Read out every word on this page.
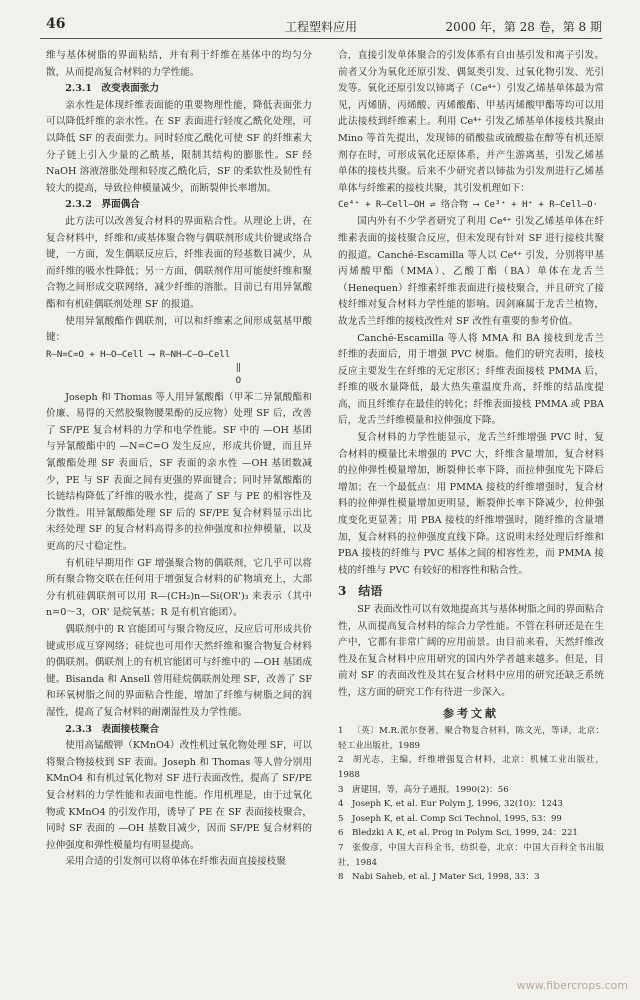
46	工程塑料应用	2000 年，第 28 卷，第 8 期

维与基体树脂的界面粘结，并有利于纤维在基体中的均匀分散，从而提高复合材料的力学性能。

2.3.1　改变表面张力

亲水性是体现纤维表面能的重要物理性能，降低表面张力可以降低纤维的亲水性。在 SF 表面进行轻度乙酰化处理，可以降低 SF 的表面张力。同时轻度乙酰化可使 SF 的纤维素大分子链上引入少量的乙酰基，限制其结构的膨胀性。SF 经 NaOH 溶液溶胀处理和轻度乙酰化后，SF 的柔软性及韧性有较大的提高，导致拉伸模量减少，而断裂伸长率增加。

2.3.2　界面偶合

此方法可以改善复合材料的界面粘合性。从理论上讲，在复合材料中，纤维和/或基体聚合物与偶联剂形成共价键或络合键，一方面，发生偶联反应后，纤维表面的羟基数目减少，从而纤维的吸水性降低；另一方面，偶联剂作用可能使纤维和聚合物之间形成交联网络，减少纤维的溶胀。目前已有用异氰酸酯和有机硅偶联剂处理 SF 的报道。

使用异氰酸酯作偶联剂，可以和纤维素之间形成氨基甲酸键：

R—N=C=O + H—O—Cell ⟶ R—NH—C—O—Cell
‖
O

Joseph 和 Thomas 等人用异氰酸酯（甲苯二异氰酸酯和价廉、易得的天然胶聚物腰果酚的反应物）处理 SF 后，改善了 SF/PE 复合材料的力学和电学性能。SF 中的 —OH 基团与异氰酸酯中的 —N=C=O 发生反应，形成共价键，而且异氰酸酯处理 SF 表面后，SF 表面的亲水性 —OH 基团数减少，PE 与 SF 表面之间有更强的界面键合；同时异氰酸酯的长链结构降低了纤维的吸水性，提高了 SF 与 PE 的相容性及分散性。用异氰酸酯处理 SF 后的 SF/PE 复合材料显示出比未经处理 SF 的复合材料高得多的拉伸强度和拉伸模量，以及更高的尺寸稳定性。

有机硅早期用作 GF 增强聚合物的偶联剂，它几乎可以将所有聚合物交联在任何用于增强复合材料的矿物填充上，大部分有机硅偶联剂可以用 R—(CH₂)n—Si(OR')₃ 来表示（其中 n=0～3，OR' 是烷氧基；R 是有机官能团）。

偶联剂中的 R 官能团可与聚合物反应，反应后可形成共价键或形成互穿网络；硅烷也可用作天然纤维和聚合物复合材料的偶联剂。偶联剂上的有机官能团可与纤维中的 —OH 基团成键。Bisanda 和 Ansell 曾用硅烷偶联剂处理 SF，改善了 SF 和环氧树脂之间的界面粘合性能，增加了纤维与树脂之间的润湿性，提高了复合材料的耐潮湿性及力学性能。

2.3.3　表面接枝聚合

使用高锰酸钾（KMnO4）改性机过氧化物处理 SF，可以将聚合物接枝到 SF 表面。Joseph 和 Thomas 等人曾分别用 KMnO4 和有机过氧化物对 SF 进行表面改性，提高了 SF/PE 复合材料的力学性能和表面电性能。作用机理是，由于过氧化物或 KMnO4 的引发作用，诱导了 PE 在 SF 表面接枝聚合，同时 SF 表面的 —OH 基数目减少，因而 SF/PE 复合材料的拉伸强度和弹性模量均有明显提高。

采用合适的引发剂可以将单体在纤维表面直接接枝聚

合，直接引发单体聚合的引发体系有自由基引发和离子引发。前者又分为氧化还原引发、偶氮类引发、过氧化物引发、光引发等。氧化还原引发以铈离子（Ce⁴⁺）引发乙烯基单体最为常见，丙烯腈、丙烯酸、丙烯酸酯、甲基丙烯酸甲酯等均可以用此法接枝到纤维素上。利用 Ce⁴⁺ 引发乙烯基单体接枝共聚由 Mino 等首先提出，发现铈的硝酸盐或硫酸盐在醇等有机还原剂存在时，可形成氧化还原体系，并产生游离基，引发乙烯基单体的接枝共聚。后来不少研究者以铈盐为引发剂进行乙烯基单体与纤维素的接枝共聚，其引发机理如下：

Ce⁴⁺ + R—Cell—OH ⇌ 络合物 ⟶ Ce³⁺ + H⁺ + R—Cell—O·

国内外有不少学者研究了利用 Ce⁴⁺ 引发乙烯基单体在纤维素表面的接枝聚合反应，但未发现有针对 SF 进行接枝共聚的报道。Canché-Escamilla 等人以 Ce⁴⁺ 引发，分别将甲基丙烯酸甲酯（MMA）、乙酸丁酯（BA）单体在龙舌兰（Henequen）纤维素纤维表面进行接枝聚合，并且研究了接枝纤维对复合材料力学性能的影响。因剑麻属于龙舌兰植物，故龙舌兰纤维的接枝改性对 SF 改性有重要的参考价值。

Canché-Escamilla 等人将 MMA 和 BA 接枝到龙舌兰纤维的表面后，用于增强 PVC 树脂。他们的研究表明，接枝反应主要发生在纤维的无定形区；纤维表面接枝 PMMA 后，纤维的吸水量降低，最大热失重温度升高，纤维的结晶度提高，而且纤维存在最佳的转化；纤维表面接枝 PMMA 或 PBA 后，龙舌兰纤维模量和拉伸强度下降。

复合材料的力学性能显示，龙舌兰纤维增强 PVC 时，复合材料的模量比未增强的 PVC 大，纤维含量增加，复合材料的拉伸弹性模量增加，断裂伸长率下降，而拉伸强度先下降后增加；在一个最低点：用 PMMA 接枝的纤维增强时，复合材料的拉伸弹性模量增加更明显，断裂伸长率下降减少，拉伸强度变化更显著；用 PBA 接枝的纤维增强时，随纤维的含量增加，复合材料的拉伸强度直线下降。这说明未经处理后纤维和 PBA 接枝的纤维与 PVC 基体之间的相容性差，而 PMMA 接枝的纤维与 PVC 有较好的相容性和粘合性。

3　结语

SF 表面改性可以有效地提高其与基体树脂之间的界面粘合性，从而提高复合材料的综合力学性能。不管在科研还是在生产中，它都有非常广阔的应用前景。由目前来看，天然纤维改性及在复合材料中应用研究的国内外学者越来越多。但是，目前对 SF 的表面改性及其在复合材料中应用的研究还缺乏系统性，这方面的研究工作有待进一步深入。

参考文献
1 〔英〕M.R.派尔登著，聚合物复合材料，陈文光，等译，北京：轻工业出版社，1989
2 胡光志，主编，纤维增强复合材料，北京：机械工业出版社，1988
3 唐建国，等，高分子通报，1990(2)：56
4 Joseph K, et al. Eur Polym J, 1996, 32(10)：1243
5 Joseph K, et al. Comp Sci Technol, 1995, 53：99
6 Bledzki A K, et al. Prog in Polym Sci, 1999, 24：221
7 张俊彦，中国大百科全书，纺织卷，北京：中国大百科全书出版社，1984
8 Nabi Saheb, et al. J Mater Sci, 1998, 33：3
www.fibercrops.com
